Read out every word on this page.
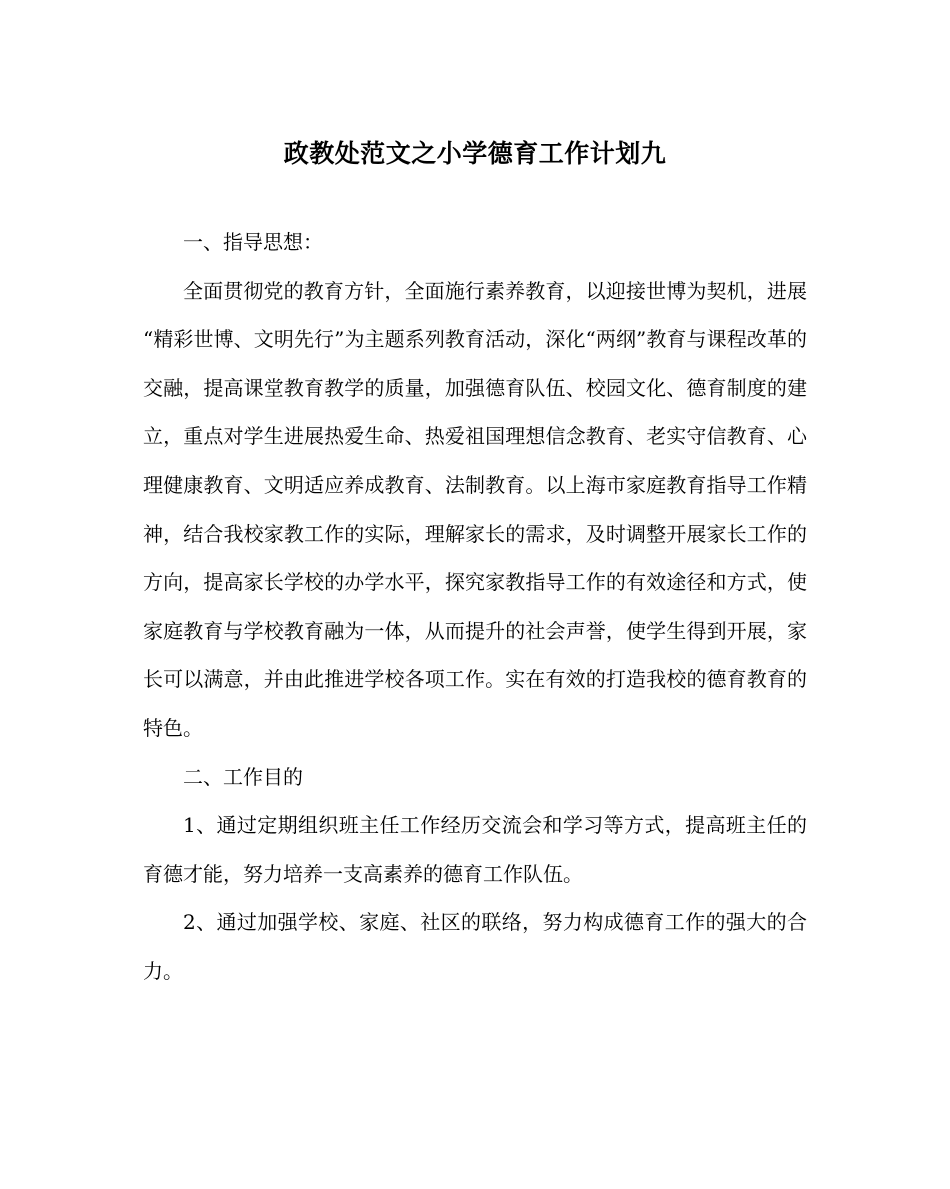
政教处范文之小学德育工作计划九

一、指导思想：

全面贯彻党的教育方针，全面施行素养教育，以迎接世博为契机，进展 “精彩世博、文明先行”为主题系列教育活动，深化“两纲”教育与课程改革的交融，提高课堂教育教学的质量，加强德育队伍、校园文化、德育制度的建立，重点对学生进展热爱生命、热爱祖国理想信念教育、老实守信教育、心理健康教育、文明适应养成教育、法制教育。以上海市家庭教育指导工作精神，结合我校家教工作的实际，理解家长的需求，及时调整开展家长工作的方向，提高家长学校的办学水平，探究家教指导工作的有效途径和方式，使家庭教育与学校教育融为一体，从而提升的社会声誉，使学生得到开展，家长可以满意，并由此推进学校各项工作。实在有效的打造我校的德育教育的特色。

二、工作目的

1、通过定期组织班主任工作经历交流会和学习等方式，提高班主任的育德才能，努力培养一支高素养的德育工作队伍。

2、通过加强学校、家庭、社区的联络，努力构成德育工作的强大的合力。
